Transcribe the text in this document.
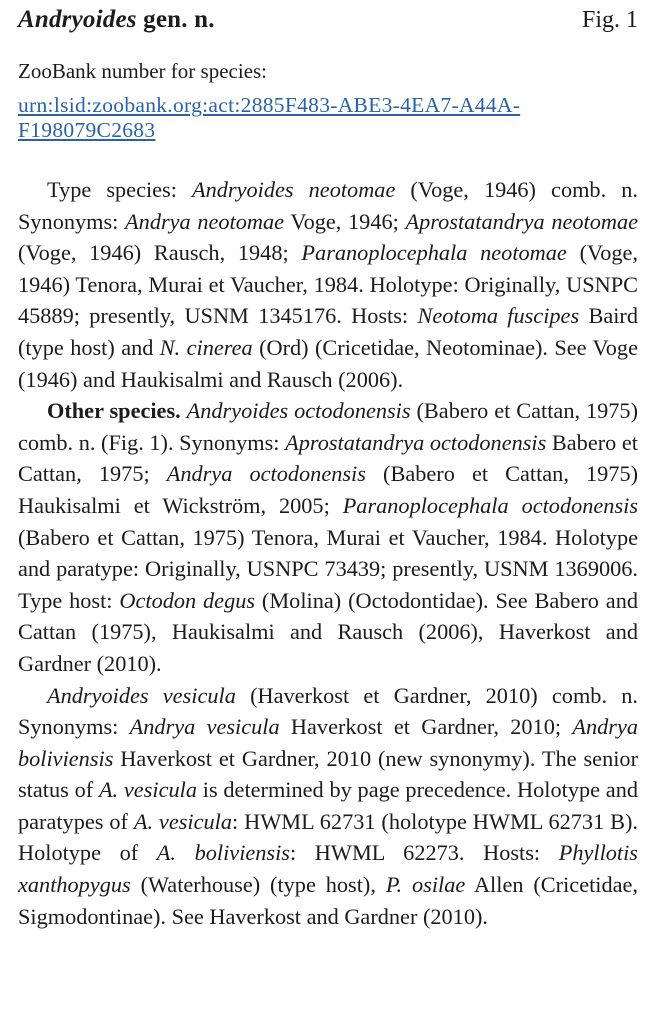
Andryoides gen. n.	Fig. 1
ZooBank number for species:
urn:lsid:zoobank.org:act:2885F483-ABE3-4EA7-A44A-F198079C2683

Type species: Andryoides neotomae (Voge, 1946) comb. n. Synonyms: Andrya neotomae Voge, 1946; Aprostatandrya neotomae (Voge, 1946) Rausch, 1948; Paranoplocephala neotomae (Voge, 1946) Tenora, Murai et Vaucher, 1984. Holotype: Originally, USNPC 45889; presently, USNM 1345176. Hosts: Neotoma fuscipes Baird (type host) and N. cinerea (Ord) (Cricetidae, Neotominae). See Voge (1946) and Haukisalmi and Rausch (2006).

Other species. Andryoides octodonensis (Babero et Cattan, 1975) comb. n. (Fig. 1). Synonyms: Aprostatandrya octodonensis Babero et Cattan, 1975; Andrya octodonensis (Babero et Cattan, 1975) Haukisalmi et Wickström, 2005; Paranoplocephala octodonensis (Babero et Cattan, 1975) Tenora, Murai et Vaucher, 1984. Holotype and paratype: Originally, USNPC 73439; presently, USNM 1369006. Type host: Octodon degus (Molina) (Octodontidae). See Babero and Cattan (1975), Haukisalmi and Rausch (2006), Haverkost and Gardner (2010).

Andryoides vesicula (Haverkost et Gardner, 2010) comb. n. Synonyms: Andrya vesicula Haverkost et Gardner, 2010; Andrya boliviensis Haverkost et Gardner, 2010 (new synonymy). The senior status of A. vesicula is determined by page precedence. Holotype and paratypes of A. vesicula: HWML 62731 (holotype HWML 62731 B). Holotype of A. boliviensis: HWML 62273. Hosts: Phyllotis xanthopygus (Waterhouse) (type host), P. osilae Allen (Cricetidae, Sigmodontinae). See Haverkost and Gardner (2010).
